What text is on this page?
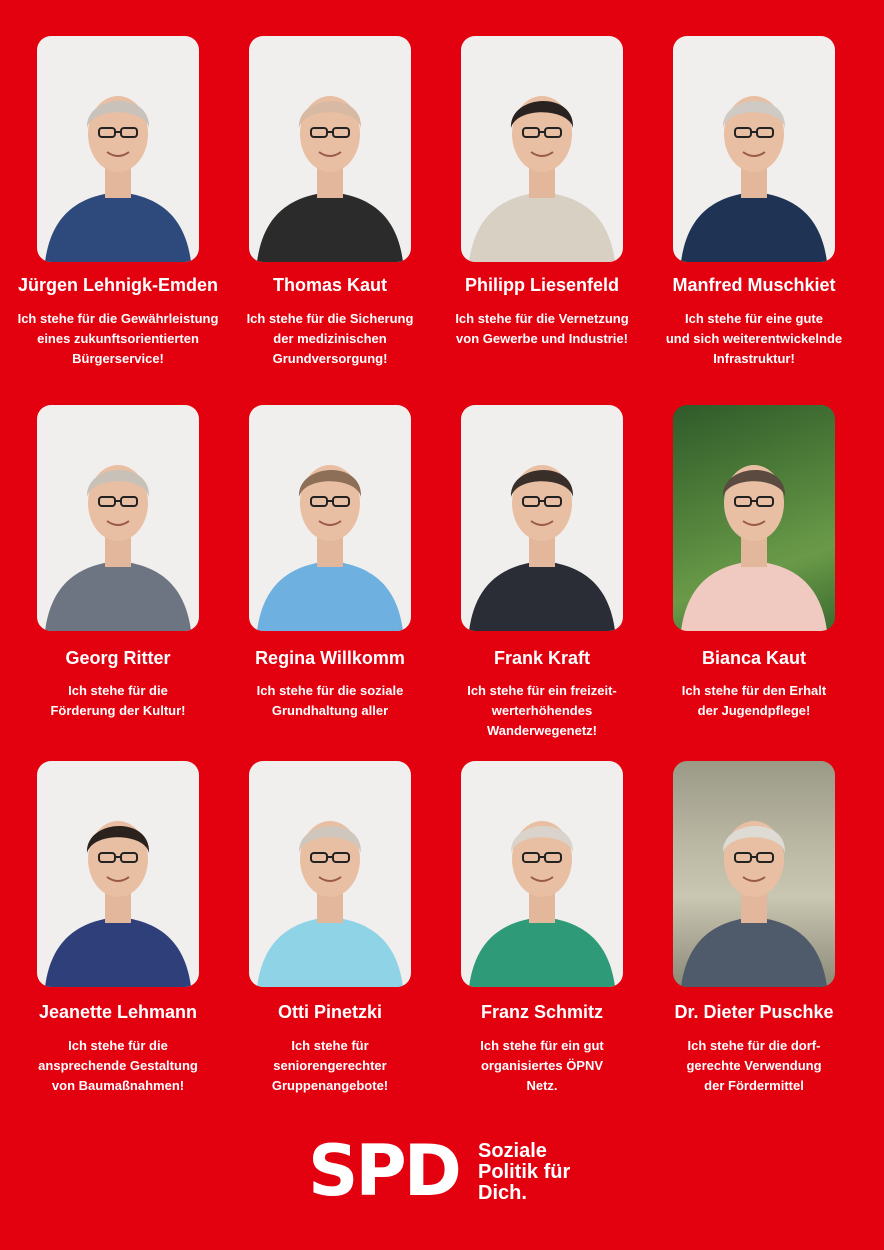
Jürgen Lehnigk-Emden
Ich stehe für die Gewährleistung
eines zukunftsorientierten
Bürgerservice!
Thomas Kaut
Ich stehe für die Sicherung
der medizinischen
Grundversorgung!
Philipp Liesenfeld
Ich stehe für die Vernetzung
von Gewerbe und Industrie!
Manfred Muschkiet
Ich stehe für eine gute
und sich weiterentwickelnde
Infrastruktur!
Georg Ritter
Ich stehe für die
Förderung der Kultur!
Regina Willkomm
Ich stehe für die soziale
Grundhaltung aller
Frank Kraft
Ich stehe für ein freizeit-
werterhöhendes
Wanderwegenetz!
Bianca Kaut
Ich stehe für den Erhalt
der Jugendpflege!
Jeanette Lehmann
Ich stehe für die
ansprechende Gestaltung
von Baumaßnahmen!
Otti Pinetzki
Ich stehe für

seniorengerechter
Gruppenangebote!
Franz Schmitz
Ich stehe für ein gut
organisiertes ÖPNV
Netz.
Dr. Dieter Puschke
Ich stehe für die dorf-
gerechte Verwendung
der Fördermittel
SPD Soziale
Politik für
Dich.
